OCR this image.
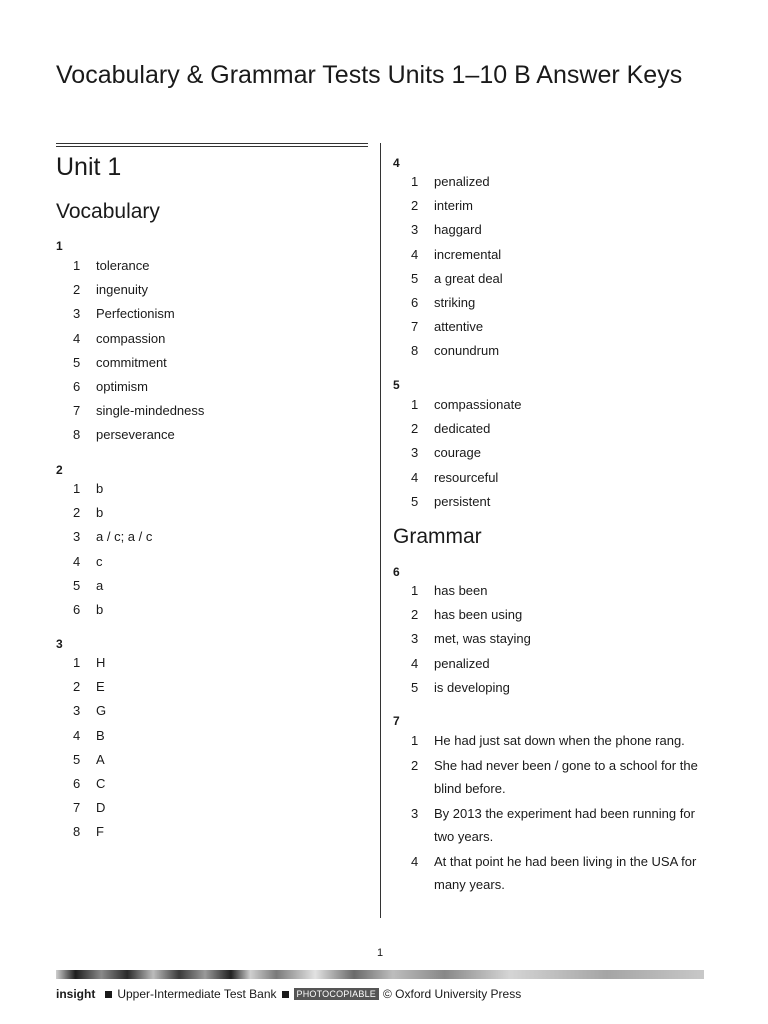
Vocabulary & Grammar Tests Units 1–10 B Answer Keys
Unit 1
Vocabulary
1
1	tolerance
2	ingenuity
3	Perfectionism
4	compassion
5	commitment
6	optimism
7	single-mindedness
8	perseverance
2
1	b
2	b
3	a / c; a / c
4	c
5	a
6	b
3
1	H
2	E
3	G
4	B
5	A
6	C
7	D
8	F
4
1	penalized
2	interim
3	haggard
4	incremental
5	a great deal
6	striking
7	attentive
8	conundrum
5
1	compassionate
2	dedicated
3	courage
4	resourceful
5	persistent
Grammar
6
1	has been
2	has been using
3	met, was staying
4	penalized
5	is developing
7
1	He had just sat down when the phone rang.
2	She had never been / gone to a school for the blind before.
3	By 2013 the experiment had been running for two years.
4	At that point he had been living in the USA for many years.
1
insight Upper-Intermediate Test Bank	PHOTOCOPIABLE © Oxford University Press
